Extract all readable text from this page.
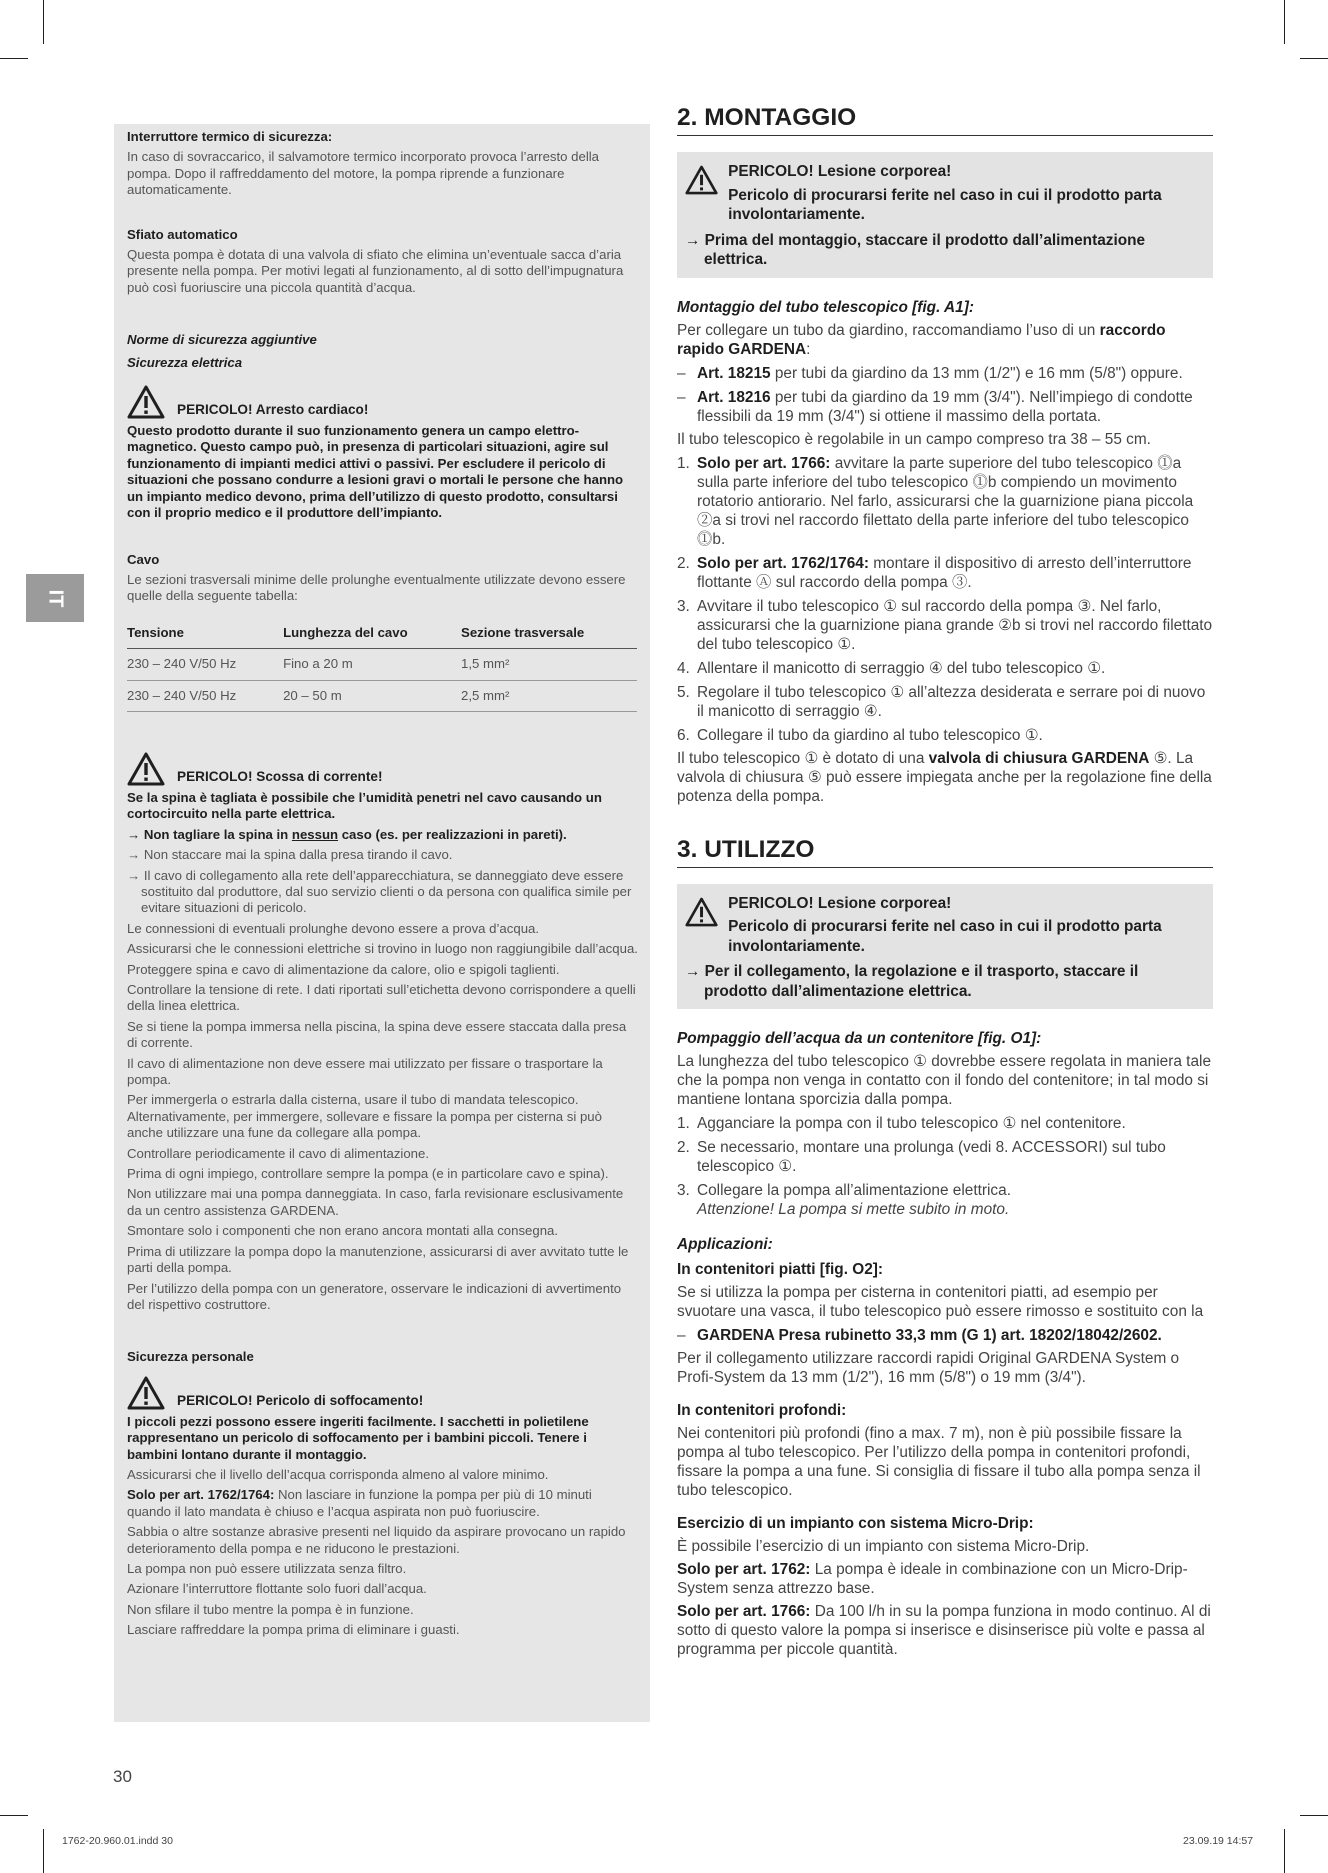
IT

Interruttore termico di sicurezza:

In caso di sovraccarico, il salvamotore termico incorporato provoca l’arresto della pompa. Dopo il raffreddamento del motore, la pompa riprende a funzionare automaticamente.

Sfiato automatico

Questa pompa è dotata di una valvola di sfiato che elimina un’eventuale sacca d’aria presente nella pompa. Per motivi legati al funzionamento, al di sotto dell’impugnatura può così fuoriuscire una piccola quantità d’acqua.

Norme di sicurezza aggiuntive

Sicurezza elettrica

PERICOLO! Arresto cardiaco!

Questo prodotto durante il suo funzionamento genera un campo elettro-magnetico. Questo campo può, in presenza di particolari situazioni, agire sul funzionamento di impianti medici attivi o passivi. Per escludere il pericolo di situazioni che possano condurre a lesioni gravi o mortali le persone che hanno un impianto medico devono, prima dell’utilizzo di questo prodotto, consultarsi con il proprio medico e il produttore dell’impianto.

Cavo

Le sezioni trasversali minime delle prolunghe eventualmente utilizzate devono essere quelle della seguente tabella:

Tensione	Lunghezza del cavo	Sezione trasversale
230 – 240 V/50 Hz	Fino a 20 m	1,5 mm²
230 – 240 V/50 Hz	20 – 50 m	2,5 mm²
PERICOLO! Scossa di corrente!

Se la spina è tagliata è possibile che l’umidità penetri nel cavo causando un cortocircuito nella parte elettrica.

→ Non tagliare la spina in nessun caso (es. per realizzazioni in pareti).

→ Non staccare mai la spina dalla presa tirando il cavo.

→ Il cavo di collegamento alla rete dell’apparecchiatura, se danneggiato deve essere sostituito dal produttore, dal suo servizio clienti o da persona con qualifica simile per evitare situazioni di pericolo.

Le connessioni di eventuali prolunghe devono essere a prova d’acqua.

Assicurarsi che le connessioni elettriche si trovino in luogo non raggiungibile dall’acqua.

Proteggere spina e cavo di alimentazione da calore, olio e spigoli taglienti.

Controllare la tensione di rete. I dati riportati sull’etichetta devono corrispondere a quelli della linea elettrica.

Se si tiene la pompa immersa nella piscina, la spina deve essere staccata dalla presa di corrente.

Il cavo di alimentazione non deve essere mai utilizzato per fissare o trasportare la pompa.

Per immergerla o estrarla dalla cisterna, usare il tubo di mandata telescopico. Alternativamente, per immergere, sollevare e fissare la pompa per cisterna si può anche utilizzare una fune da collegare alla pompa.

Controllare periodicamente il cavo di alimentazione.

Prima di ogni impiego, controllare sempre la pompa (e in particolare cavo e spina).

Non utilizzare mai una pompa danneggiata. In caso, farla revisionare esclusivamente da un centro assistenza GARDENA.

Smontare solo i componenti che non erano ancora montati alla consegna.

Prima di utilizzare la pompa dopo la manutenzione, assicurarsi di aver avvitato tutte le parti della pompa.

Per l’utilizzo della pompa con un generatore, osservare le indicazioni di avvertimento del rispettivo costruttore.

Sicurezza personale

PERICOLO! Pericolo di soffocamento!

I piccoli pezzi possono essere ingeriti facilmente. I sacchetti in polietilene rappresentano un pericolo di soffocamento per i bambini piccoli. Tenere i bambini lontano durante il montaggio.

Assicurarsi che il livello dell’acqua corrisponda almeno al valore minimo.

Solo per art. 1762/1764: Non lasciare in funzione la pompa per più di 10 minuti quando il lato mandata è chiuso e l’acqua aspirata non può fuoriuscire.

Sabbia o altre sostanze abrasive presenti nel liquido da aspirare provocano un rapido deterioramento della pompa e ne riducono le prestazioni.

La pompa non può essere utilizzata senza filtro.

Azionare l’interruttore flottante solo fuori dall’acqua.

Non sfilare il tubo mentre la pompa è in funzione.

Lasciare raffreddare la pompa prima di eliminare i guasti.

2. MONTAGGIO
PERICOLO! Lesione corporea!
Pericolo di procurarsi ferite nel caso in cui il prodotto parta involontariamente.
→ Prima del montaggio, staccare il prodotto dall’alimentazione elettrica.
Montaggio del tubo telescopico [fig. A1]:

Per collegare un tubo da giardino, raccomandiamo l’uso di un raccordo rapido GARDENA:

– Art. 18215 per tubi da giardino da 13 mm (1/2") e 16 mm (5/8") oppure.
– Art. 18216 per tubi da giardino da 19 mm (3/4"). Nell’impiego di condotte flessibili da 19 mm (3/4") si ottiene il massimo della portata.

Il tubo telescopico è regolabile in un campo compreso tra 38 – 55 cm.

1. Solo per art. 1766: avvitare la parte superiore del tubo telescopico ⓵a sulla parte inferiore del tubo telescopico ⓵b compiendo un movimento rotatorio antiorario. Nel farlo, assicurarsi che la guarnizione piana piccola ②a si trovi nel raccordo filettato della parte inferiore del tubo telescopico ⓵b.
2. Solo per art. 1762/1764: montare il dispositivo di arresto dell’interruttore flottante Ⓐ sul raccordo della pompa ③.
3. Avvitare il tubo telescopico ① sul raccordo della pompa ③. Nel farlo, assicurarsi che la guarnizione piana grande ②b si trovi nel raccordo filettato del tubo telescopico ①.
4. Allentare il manicotto di serraggio ④ del tubo telescopico ①.
5. Regolare il tubo telescopico ① all’altezza desiderata e serrare poi di nuovo il manicotto di serraggio ④.
6. Collegare il tubo da giardino al tubo telescopico ①.

Il tubo telescopico ① è dotato di una valvola di chiusura GARDENA ⑤. La valvola di chiusura ⑤ può essere impiegata anche per la regolazione fine della potenza della pompa.

3. UTILIZZO
PERICOLO! Lesione corporea!
Pericolo di procurarsi ferite nel caso in cui il prodotto parta involontariamente.
→ Per il collegamento, la regolazione e il trasporto, staccare il prodotto dall’alimentazione elettrica.
Pompaggio dell’acqua da un contenitore [fig. O1]:

La lunghezza del tubo telescopico ① dovrebbe essere regolata in maniera tale che la pompa non venga in contatto con il fondo del contenitore; in tal modo si mantiene lontana sporcizia dalla pompa.

1. Agganciare la pompa con il tubo telescopico ① nel contenitore.
2. Se necessario, montare una prolunga (vedi 8. ACCESSORI) sul tubo telescopico ①.
3. Collegare la pompa all’alimentazione elettrica.
Attenzione! La pompa si mette subito in moto.
Applicazioni:
In contenitori piatti [fig. O2]:

Se si utilizza la pompa per cisterna in contenitori piatti, ad esempio per svuotare una vasca, il tubo telescopico può essere rimosso e sostituito con la

– GARDENA Presa rubinetto 33,3 mm (G 1) art. 18202/18042/2602.

Per il collegamento utilizzare raccordi rapidi Original GARDENA System o Profi-System da 13 mm (1/2"), 16 mm (5/8") o 19 mm (3/4").

In contenitori profondi:

Nei contenitori più profondi (fino a max. 7 m), non è più possibile fissare la pompa al tubo telescopico. Per l’utilizzo della pompa in contenitori profondi, fissare la pompa a una fune. Si consiglia di fissare il tubo alla pompa senza il tubo telescopico.

Esercizio di un impianto con sistema Micro-Drip:

È possibile l’esercizio di un impianto con sistema Micro-Drip.

Solo per art. 1762: La pompa è ideale in combinazione con un Micro-Drip-System senza attrezzo base.

Solo per art. 1766: Da 100 l/h in su la pompa funziona in modo continuo. Al di sotto di questo valore la pompa si inserisce e disinserisce più volte e passa al programma per piccole quantità.

30
1762-20.960.01.indd 30	23.09.19 14:57
